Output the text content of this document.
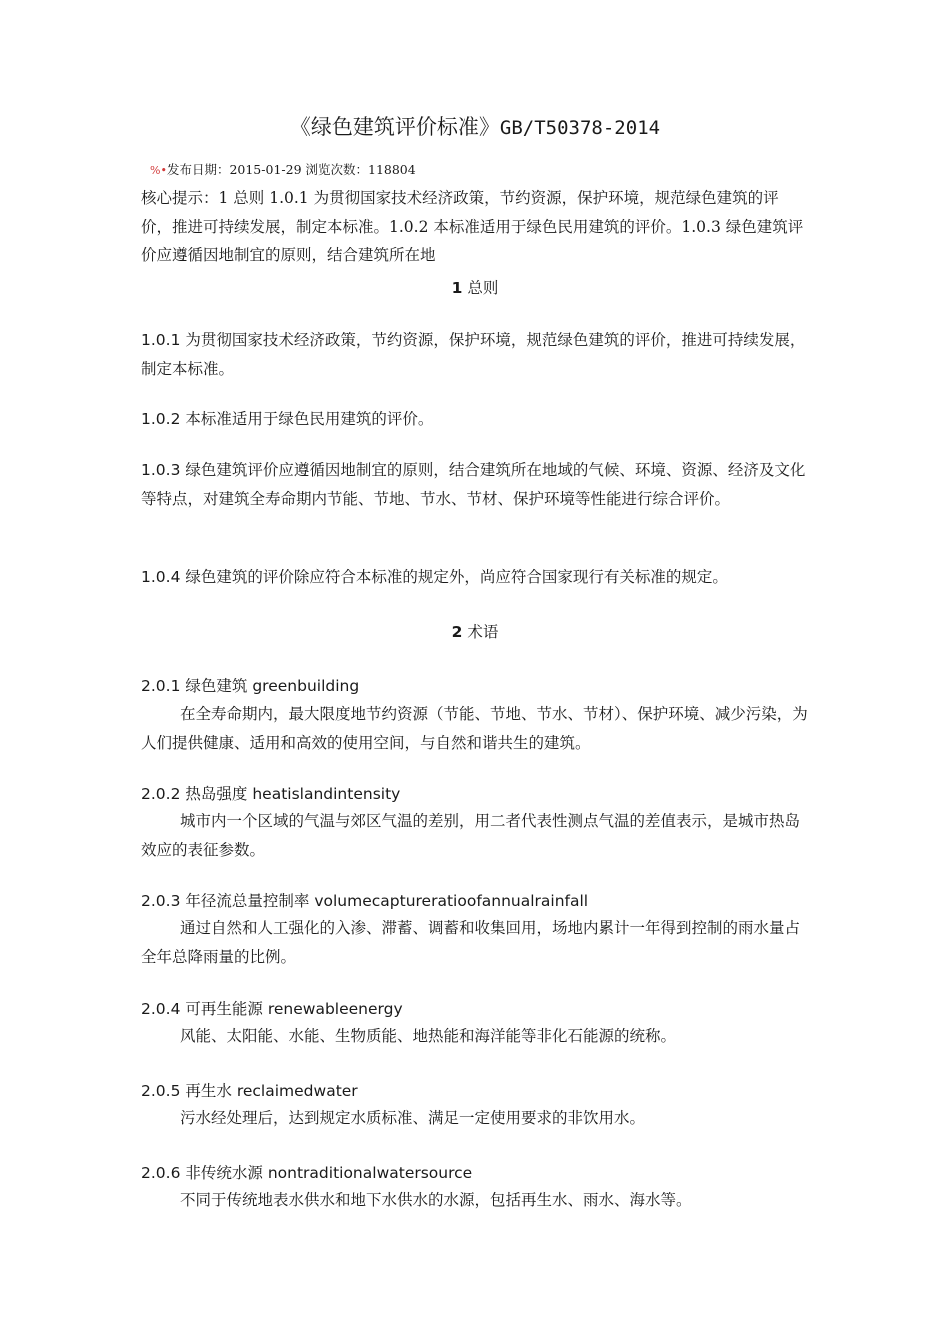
《绿色建筑评价标准》GB/T50378-2014
%•发布日期：2015-01-29 浏览次数：118804
核心提示：1 总则 1.0.1 为贯彻国家技术经济政策，节约资源，保护环境，规范绿色建筑的评价，推进可持续发展，制定本标准。1.0.2 本标准适用于绿色民用建筑的评价。1.0.3 绿色建筑评价应遵循因地制宜的原则，结合建筑所在地
1 总则
1.0.1 为贯彻国家技术经济政策，节约资源，保护环境，规范绿色建筑的评价，推进可持续发展，制定本标准。
1.0.2 本标准适用于绿色民用建筑的评价。
1.0.3 绿色建筑评价应遵循因地制宜的原则，结合建筑所在地域的气候、环境、资源、经济及文化等特点，对建筑全寿命期内节能、节地、节水、节材、保护环境等性能进行综合评价。
1.0.4 绿色建筑的评价除应符合本标准的规定外，尚应符合国家现行有关标准的规定。
2 术语
2.0.1 绿色建筑 greenbuilding
在全寿命期内，最大限度地节约资源（节能、节地、节水、节材）、保护环境、减少污染，为人们提供健康、适用和高效的使用空间，与自然和谐共生的建筑。
2.0.2 热岛强度 heatislandintensity
城市内一个区域的气温与郊区气温的差别，用二者代表性测点气温的差值表示，是城市热岛效应的表征参数。
2.0.3 年径流总量控制率 volumecaptureratioofannualrainfall
通过自然和人工强化的入渗、滞蓄、调蓄和收集回用，场地内累计一年得到控制的雨水量占全年总降雨量的比例。
2.0.4 可再生能源 renewableenergy
风能、太阳能、水能、生物质能、地热能和海洋能等非化石能源的统称。
2.0.5 再生水 reclaimedwater
污水经处理后，达到规定水质标准、满足一定使用要求的非饮用水。
2.0.6 非传统水源 nontraditionalwatersource
不同于传统地表水供水和地下水供水的水源，包括再生水、雨水、海水等。
